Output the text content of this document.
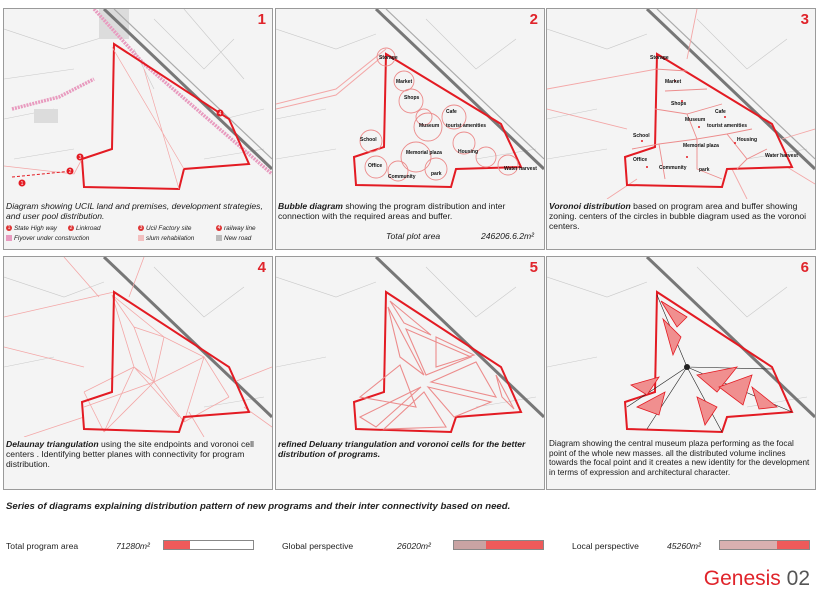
1
2
3
4
1
Diagram showing UCIL land and premises, development strategies, and user pool distribution.
1 State High way	2 Linkroad	3 Ucil Factory site	4 railway line
Flyover under construction	slum rehabilation	New road
Storage
Market
Shops
Cafe
Museum tourist amenities
School
Memorial plaza	Housing
Office
Community	park
Water harvest
2
Bubble diagram showing the program distribution and inter connection with the required areas and buffer.
Total plot area	246206.6.2m²
Storage
Market
Shops
Cafe
Museum
tourist amenities
School
Memorial plaza
Housing
Office
Community	park
Water harvest
3
Voronoi distribution based on program area and buffer showing zoning. centers of the circles in bubble diagram used as the voronoi centers.
4
Delaunay triangulation using the site endpoints and voronoi cell centers . Identifying better planes with connectivity for program distribution.
5
refined Deluany triangulation and voronoi cells for the better distribution of programs.
6
Diagram showing the central museum plaza performing as the focal point of the whole new masses. all the distributed volume inclines towards the focal point and it creates a new identity for the development in terms of expression and architectural character.
Series of diagrams explaining distribution pattern of new programs and their inter connectivity based on need.
Total program area	71280m²	Global perspective	26020m²	Local perspective	45260m²
Genesis 02
